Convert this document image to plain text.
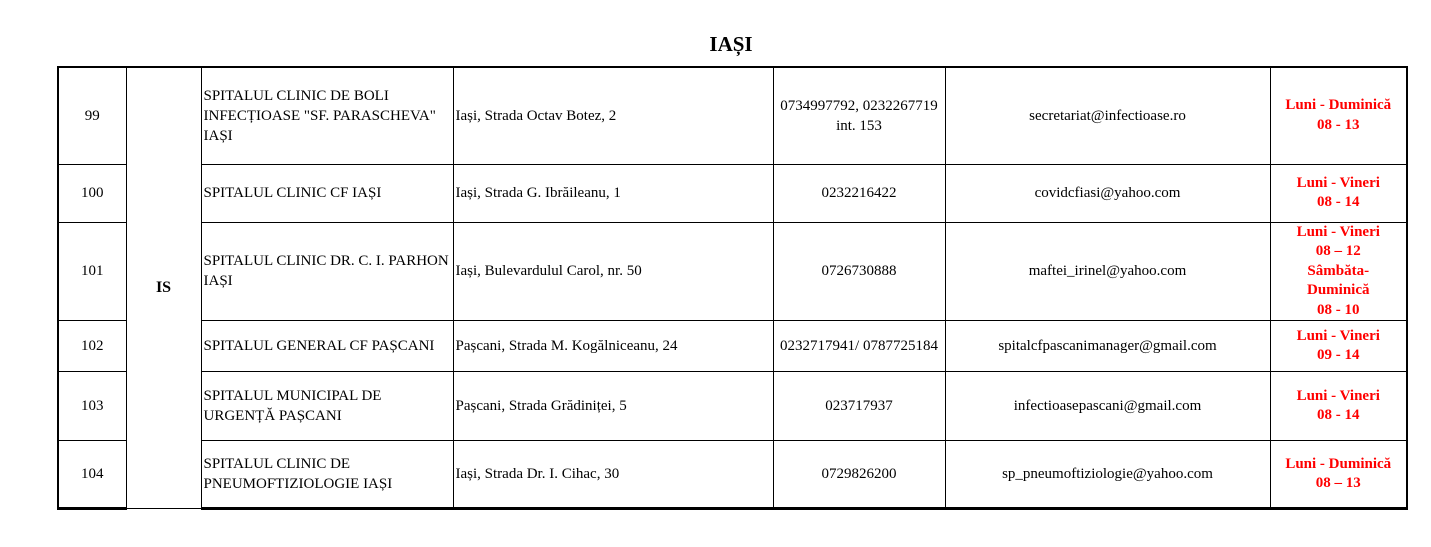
IAȘI
99	IS	SPITALUL CLINIC DE BOLI INFECȚIOASE "SF. PARASCHEVA" IAȘI	Iași, Strada Octav Botez, 2	0734997792, 0232267719 int. 153	secretariat@infectioase.ro	Luni - Duminică
08 - 13

100		SPITALUL CLINIC CF IAȘI	Iași, Strada G. Ibrăileanu, 1	0232216422	covidcfiasi@yahoo.com	Luni - Vineri
08 - 14

101		SPITALUL CLINIC DR. C. I. PARHON IAȘI	Iași, Bulevardulul Carol, nr. 50	0726730888	maftei_irinel@yahoo.com	Luni - Vineri
08 – 12
Sâmbăta-
Duminică
08 - 10

102		SPITALUL GENERAL CF PAȘCANI	Pașcani, Strada M. Kogălniceanu, 24	0232717941/ 0787725184	spitalcfpascanimanager@gmail.com	Luni - Vineri
09 - 14

103		SPITALUL MUNICIPAL DE URGENȚĂ PAȘCANI	Pașcani, Strada Grădiniței, 5	023717937	infectioasepascani@gmail.com	Luni - Vineri
08 - 14

104		SPITALUL CLINIC DE PNEUMOFTIZIOLOGIE IAȘI	Iași, Strada Dr. I. Cihac, 30	0729826200	sp_pneumoftiziologie@yahoo.com	Luni - Duminică
08 – 13
